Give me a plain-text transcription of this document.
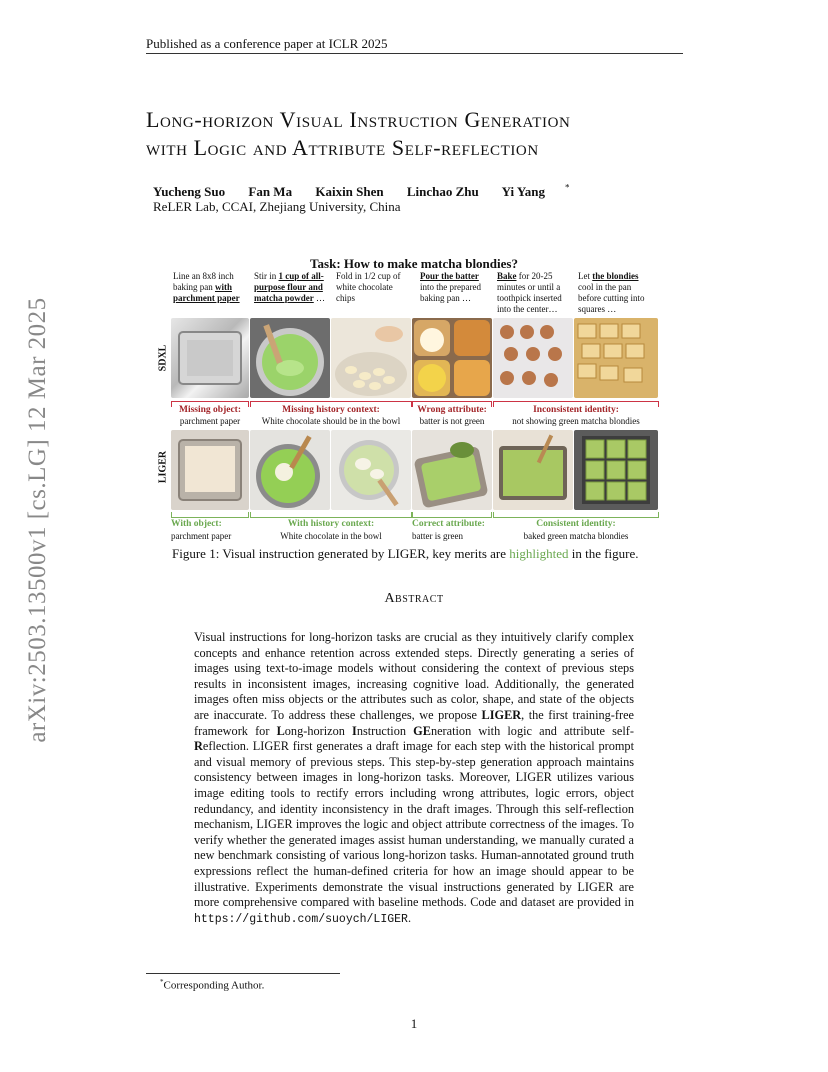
Published as a conference paper at ICLR 2025
arXiv:2503.13500v1 [cs.LG] 12 Mar 2025
Long-horizon Visual Instruction Generation
with Logic and Attribute Self-reflection
Yucheng Suo Fan Ma Kaixin Shen Linchao Zhu Yi Yang *
ReLER Lab, CCAI, Zhejiang University, China
Task: How to make matcha blondies?
Line an 8x8 inch baking pan with parchment paper
Stir in 1 cup of all-purpose flour and matcha powder …
Fold in 1/2 cup of white chocolate chips
Pour the batter into the prepared baking pan …
Bake for 20-25 minutes or until a toothpick inserted into the center…
Let the blondies cool in the pan before cutting into squares …
SDXL
LIGER
Missing object:
parchment paper
Missing history context:
White chocolate should be in the bowl
Wrong attribute:
batter is not green
Inconsistent identity:
not showing green matcha blondies
With object:
parchment paper
With history context:
White chocolate in the bowl
Correct attribute:
batter is green
Consistent identity:
baked green matcha blondies
Figure 1: Visual instruction generated by LIGER, key merits are highlighted in the figure.
Abstract
Visual instructions for long-horizon tasks are crucial as they intuitively clarify complex concepts and enhance retention across extended steps. Directly generating a series of images using text-to-image models without considering the context of previous steps results in inconsistent images, increasing cognitive load. Additionally, the generated images often miss objects or the attributes such as color, shape, and state of the objects are inaccurate. To address these challenges, we propose LIGER, the first training-free framework for Long-horizon Instruction GEneration with logic and attribute self-Reflection. LIGER first generates a draft image for each step with the historical prompt and visual memory of previous steps. This step-by-step generation approach maintains consistency between images in long-horizon tasks. Moreover, LIGER utilizes various image editing tools to rectify errors including wrong attributes, logic errors, object redundancy, and identity inconsistency in the draft images. Through this self-reflection mechanism, LIGER improves the logic and object attribute correctness of the images. To verify whether the generated images assist human understanding, we manually curated a new benchmark consisting of various long-horizon tasks. Human-annotated ground truth expressions reflect the human-defined criteria for how an image should appear to be illustrative. Experiments demonstrate the visual instructions generated by LIGER are more comprehensive compared with baseline methods. Code and dataset are provided in https://github.com/suoych/LIGER.
*Corresponding Author.
1
